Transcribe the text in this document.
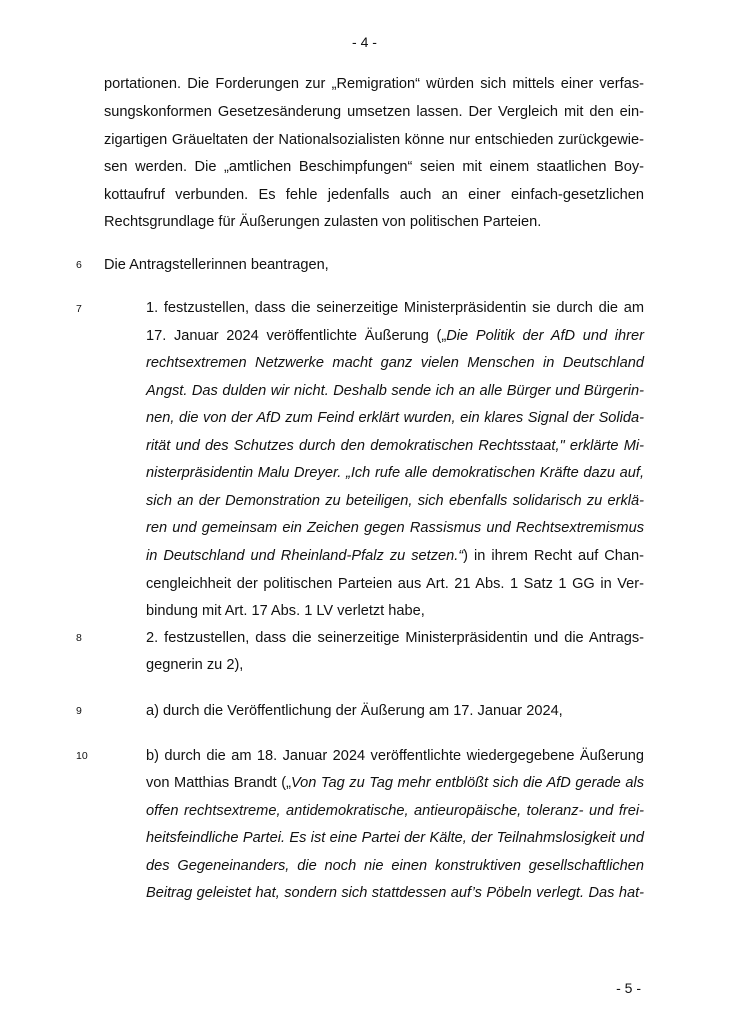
- 4 -
portationen. Die Forderungen zur „Remigration“ würden sich mittels einer verfas-
sungskonformen Gesetzesänderung umsetzen lassen. Der Vergleich mit den ein-
zigartigen Gräueltaten der Nationalsozialisten könne nur entschieden zurückgewie-
sen werden. Die „amtlichen Beschimpfungen“ seien mit einem staatlichen Boy-
kottaufruf verbunden. Es fehle jedenfalls auch an einer einfach-gesetzlichen
Rechtsgrundlage für Äußerungen zulasten von politischen Parteien.
6 Die Antragstellerinnen beantragen,
7	1. festzustellen, dass die seinerzeitige Ministerpräsidentin sie durch die am
17. Januar 2024 veröffentlichte Äußerung („Die Politik der AfD und ihrer
rechtsextremen Netzwerke macht ganz vielen Menschen in Deutschland
Angst. Das dulden wir nicht. Deshalb sende ich an alle Bürger und Bürgerin-
nen, die von der AfD zum Feind erklärt wurden, ein klares Signal der Solida-
rität und des Schutzes durch den demokratischen Rechtsstaat," erklärte Mi-
nisterpräsidentin Malu Dreyer. „Ich rufe alle demokratischen Kräfte dazu auf,
sich an der Demonstration zu beteiligen, sich ebenfalls solidarisch zu erklä-
ren und gemeinsam ein Zeichen gegen Rassismus und Rechtsextremismus
in Deutschland und Rheinland-Pfalz zu setzen.“) in ihrem Recht auf Chan-
cengleichheit der politischen Parteien aus Art. 21 Abs. 1 Satz 1 GG in Ver-
bindung mit Art. 17 Abs. 1 LV verletzt habe,
8	2. festzustellen, dass die seinerzeitige Ministerpräsidentin und die Antrags-
gegnerin zu 2),
9	a) durch die Veröffentlichung der Äußerung am 17. Januar 2024,
10	b) durch die am 18. Januar 2024 veröffentlichte wiedergegebene Äußerung
von Matthias Brandt („Von Tag zu Tag mehr entblößt sich die AfD gerade als
offen rechtsextreme, antidemokratische, antieuropäische, toleranz- und frei-
heitsfeindliche Partei. Es ist eine Partei der Kälte, der Teilnahmslosigkeit und
des Gegeneinanders, die noch nie einen konstruktiven gesellschaftlichen
Beitrag geleistet hat, sondern sich stattdessen auf’s Pöbeln verlegt. Das hat-
- 5 -
